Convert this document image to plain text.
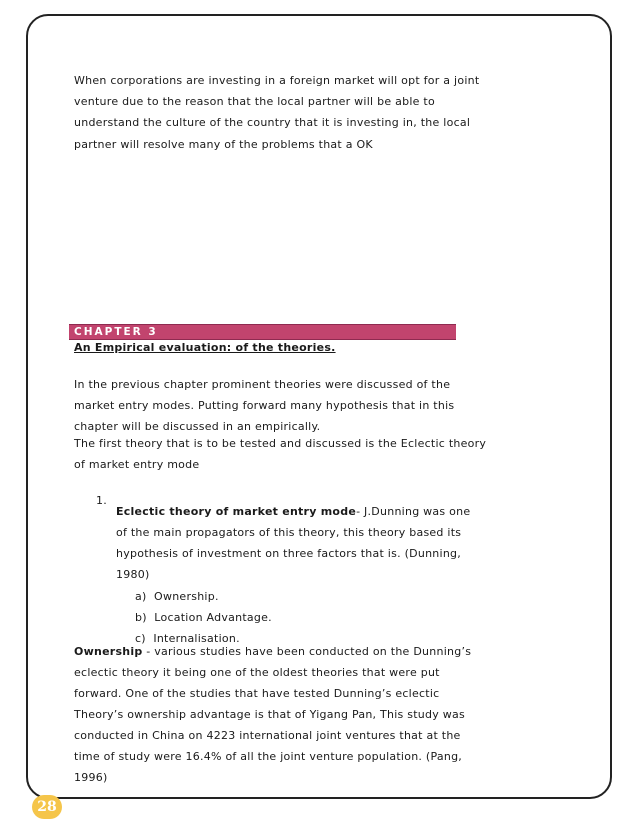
When corporations are investing in a foreign market will opt for a joint

venture due to the reason that the local partner will be able to

understand the culture of the country that it is investing in, the local

partner will resolve many of the problems that a OK

CHAPTER 3

An Empirical evaluation: of the theories.

In the previous chapter prominent theories were discussed of the

market entry modes. Putting forward many hypothesis that in this

chapter will be discussed in an empirically.

The first theory that is to be tested and discussed is the Eclectic theory

of market entry mode

1.

Eclectic theory of market entry mode- J.Dunning was one

of the main propagators of this theory, this theory based its

hypothesis of investment on three factors that is. (Dunning,

1980)

a) Ownership.

b) Location Advantage.

c) Internalisation.

Ownership - various studies have been conducted on the Dunning’s

eclectic theory it being one of the oldest theories that were put

forward. One of the studies that have tested Dunning’s eclectic

Theory’s ownership advantage is that of Yigang Pan, This study was

conducted in China on 4223 international joint ventures that at the

time of study were 16.4% of all the joint venture population. (Pang,

1996)

28
